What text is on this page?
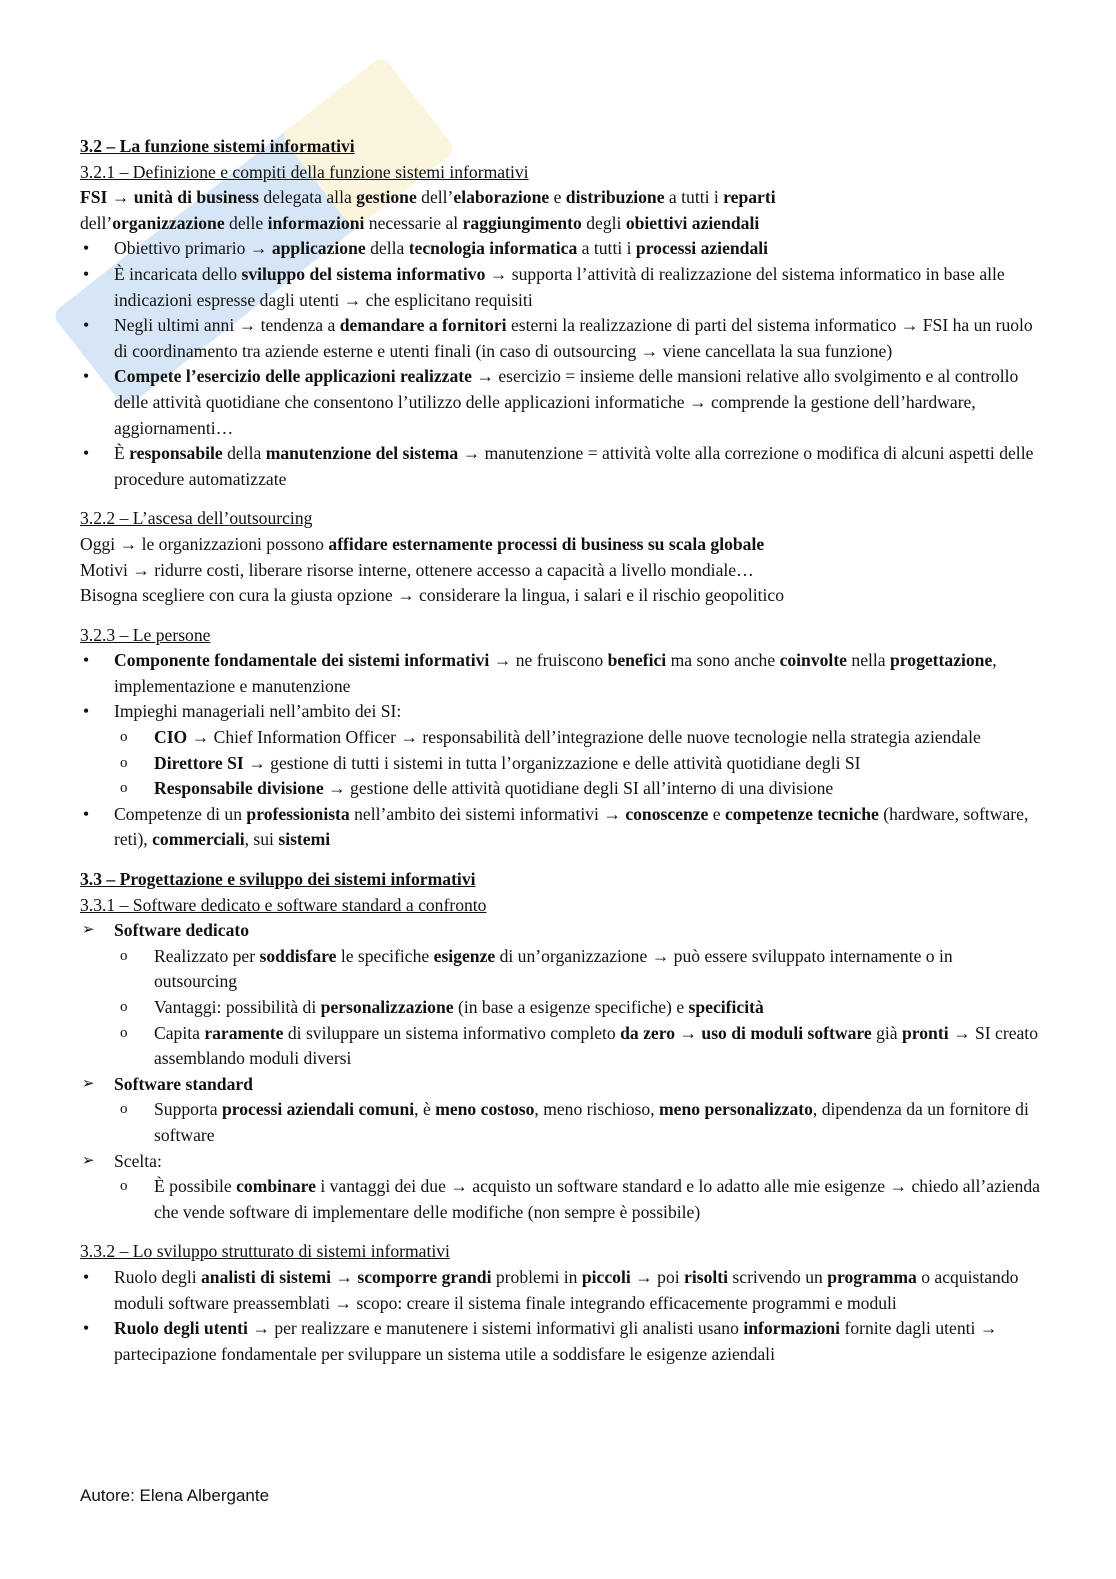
3.2 – La funzione sistemi informativi

3.2.1 – Definizione e compiti della funzione sistemi informativi

FSI → unità di business delegata alla gestione dell’elaborazione e distribuzione a tutti i reparti

dell’organizzazione delle informazioni necessarie al raggiungimento degli obiettivi aziendali

• Obiettivo primario → applicazione della tecnologia informatica a tutti i processi aziendali
• È incaricata dello sviluppo del sistema informativo → supporta l’attività di realizzazione del sistema informatico in base alle indicazioni espresse dagli utenti → che esplicitano requisiti
• Negli ultimi anni → tendenza a demandare a fornitori esterni la realizzazione di parti del sistema informatico → FSI ha un ruolo di coordinamento tra aziende esterne e utenti finali (in caso di outsourcing → viene cancellata la sua funzione)
• Compete l’esercizio delle applicazioni realizzate → esercizio = insieme delle mansioni relative allo svolgimento e al controllo delle attività quotidiane che consentono l’utilizzo delle applicazioni informatiche → comprende la gestione dell’hardware, aggiornamenti…
• È responsabile della manutenzione del sistema → manutenzione = attività volte alla correzione o modifica di alcuni aspetti delle procedure automatizzate

3.2.2 – L’ascesa dell’outsourcing

Oggi → le organizzazioni possono affidare esternamente processi di business su scala globale

Motivi → ridurre costi, liberare risorse interne, ottenere accesso a capacità a livello mondiale…

Bisogna scegliere con cura la giusta opzione → considerare la lingua, i salari e il rischio geopolitico

3.2.3 – Le persone

• Componente fondamentale dei sistemi informativi → ne fruiscono benefici ma sono anche coinvolte nella progettazione, implementazione e manutenzione
• Impieghi manageriali nell’ambito dei SI:
o CIO → Chief Information Officer → responsabilità dell’integrazione delle nuove tecnologie nella strategia aziendale
o Direttore SI → gestione di tutti i sistemi in tutta l’organizzazione e delle attività quotidiane degli SI
o Responsabile divisione → gestione delle attività quotidiane degli SI all’interno di una divisione
• Competenze di un professionista nell’ambito dei sistemi informativi → conoscenze e competenze tecniche (hardware, software, reti), commerciali, sui sistemi

3.3 – Progettazione e sviluppo dei sistemi informativi

3.3.1 – Software dedicato e software standard a confronto

➢ Software dedicato
o Realizzato per soddisfare le specifiche esigenze di un’organizzazione → può essere sviluppato internamente o in outsourcing
o Vantaggi: possibilità di personalizzazione (in base a esigenze specifiche) e specificità
o Capita raramente di sviluppare un sistema informativo completo da zero → uso di moduli software già pronti → SI creato assemblando moduli diversi
➢ Software standard
o Supporta processi aziendali comuni, è meno costoso, meno rischioso, meno personalizzato, dipendenza da un fornitore di software
➢ Scelta:
o È possibile combinare i vantaggi dei due → acquisto un software standard e lo adatto alle mie esigenze → chiedo all’azienda che vende software di implementare delle modifiche (non sempre è possibile)

3.3.2 – Lo sviluppo strutturato di sistemi informativi

• Ruolo degli analisti di sistemi → scomporre grandi problemi in piccoli → poi risolti scrivendo un programma o acquistando moduli software preassemblati → scopo: creare il sistema finale integrando efficacemente programmi e moduli
• Ruolo degli utenti → per realizzare e manutenere i sistemi informativi gli analisti usano informazioni fornite dagli utenti → partecipazione fondamentale per sviluppare un sistema utile a soddisfare le esigenze aziendali
Autore: Elena Albergante
